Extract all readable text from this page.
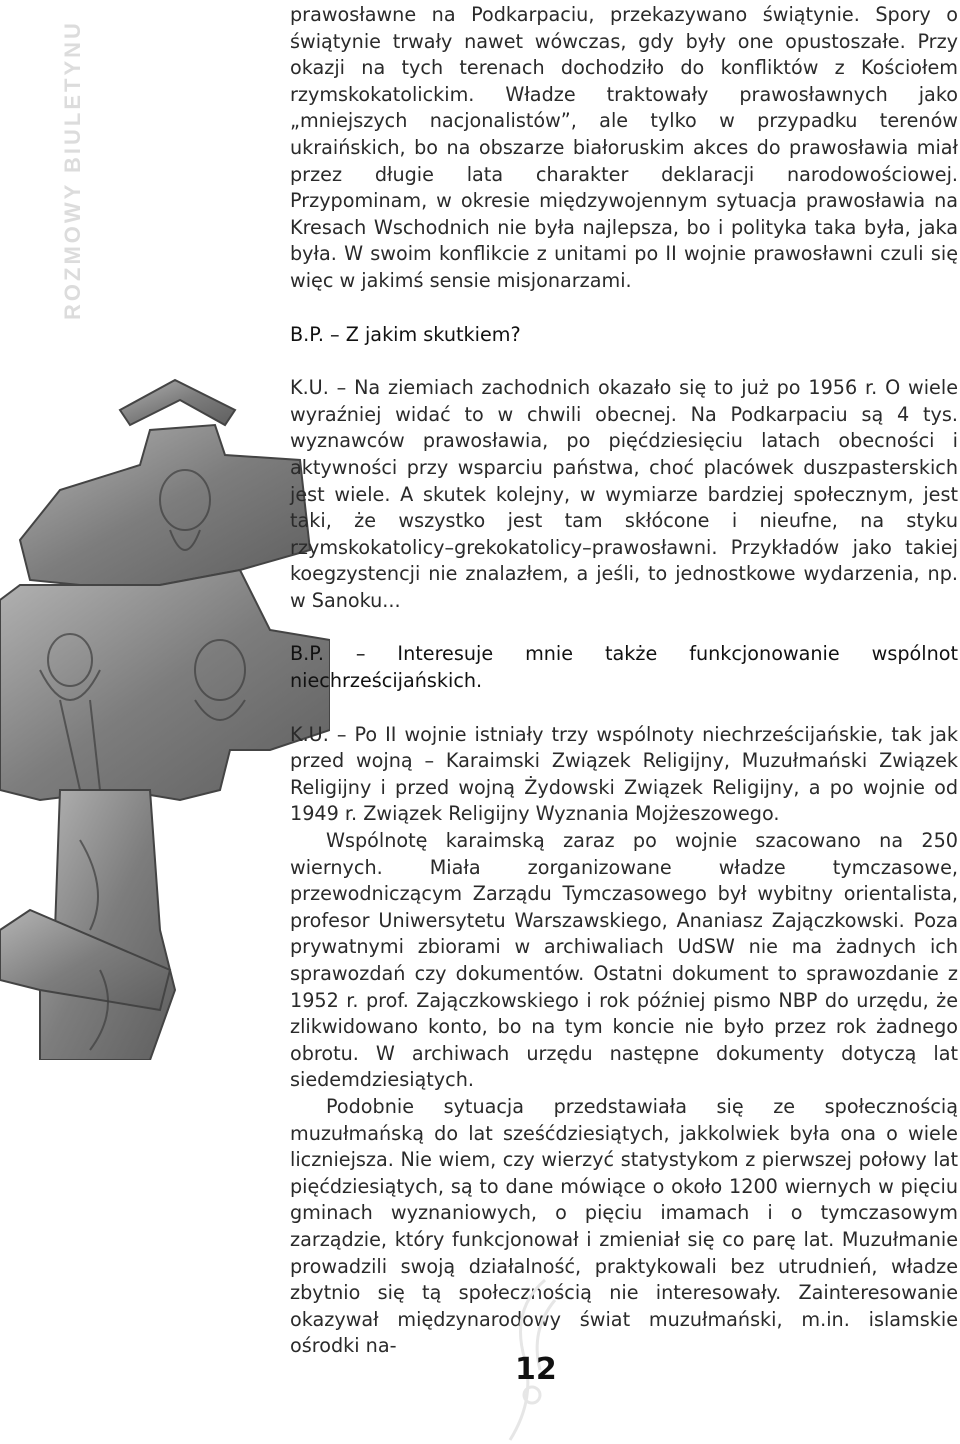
ROZMOWY BIULETYNU

prawosławne na Podkarpaciu, przekazywano świątynie. Spory o świątynie trwały nawet wówczas, gdy były one opustoszałe. Przy okazji na tych terenach dochodziło do konfliktów z Kościołem rzymskokatolickim. Władze traktowały prawosławnych jako „mniejszych nacjonalistów”, ale tylko w przypadku terenów ukraińskich, bo na obszarze białoruskim akces do prawosławia miał przez długie lata charakter deklaracji narodowościowej. Przypominam, w okresie międzywojennym sytuacja prawosławia na Kresach Wschodnich nie była najlepsza, bo i polityka taka była, jaka była. W swoim konflikcie z unitami po II wojnie prawosławni czuli się więc w jakimś sensie misjonarzami.

B.P. – Z jakim skutkiem?

K.U. – Na ziemiach zachodnich okazało się to już po 1956 r. O wiele wyraźniej widać to w chwili obecnej. Na Podkarpaciu są 4 tys. wyznawców prawosławia, po pięćdziesięciu latach obecności i aktywności przy wsparciu państwa, choć placówek duszpasterskich jest wiele. A skutek kolejny, w wymiarze bardziej społecznym, jest taki, że wszystko jest tam skłócone i nieufne, na styku rzymskokatolicy–grekokatolicy–prawosławni. Przykładów jako takiej koegzystencji nie znalazłem, a jeśli, to jednostkowe wydarzenia, np. w Sanoku...

B.P. – Interesuje mnie także funkcjonowanie wspólnot niechrześcijańskich.

K.U. – Po II wojnie istniały trzy wspólnoty niechrześcijańskie, tak jak przed wojną – Karaimski Związek Religijny, Muzułmański Związek Religijny i przed wojną Żydowski Związek Religijny, a po wojnie od 1949 r. Związek Religijny Wyznania Mojżeszowego.

Wspólnotę karaimską zaraz po wojnie szacowano na 250 wiernych. Miała zorganizowane władze tymczasowe, przewodniczącym Zarządu Tymczasowego był wybitny orientalista, profesor Uniwersytetu Warszawskiego, Ananiasz Zajączkowski. Poza prywatnymi zbiorami w archiwaliach UdSW nie ma żadnych ich sprawozdań czy dokumentów. Ostatni dokument to sprawozdanie z 1952 r. prof. Zajączkowskiego i rok później pismo NBP do urzędu, że zlikwidowano konto, bo na tym koncie nie było przez rok żadnego obrotu. W archiwach urzędu następne dokumenty dotyczą lat siedemdziesiątych.

Podobnie sytuacja przedstawiała się ze społecznością muzułmańską do lat sześćdziesiątych, jakkolwiek była ona o wiele liczniejsza. Nie wiem, czy wierzyć statystykom z pierwszej połowy lat pięćdziesiątych, są to dane mówiące o około 1200 wiernych w pięciu gminach wyznaniowych, o pięciu imamach i o tymczasowym zarządzie, który funkcjonował i zmieniał się co parę lat. Muzułmanie prowadzili swoją działalność, praktykowali bez utrudnień, władze zbytnio się tą społecznością nie interesowały. Zainteresowanie okazywał międzynarodowy świat muzułmański, m.in. islamskie ośrodki na-

12
